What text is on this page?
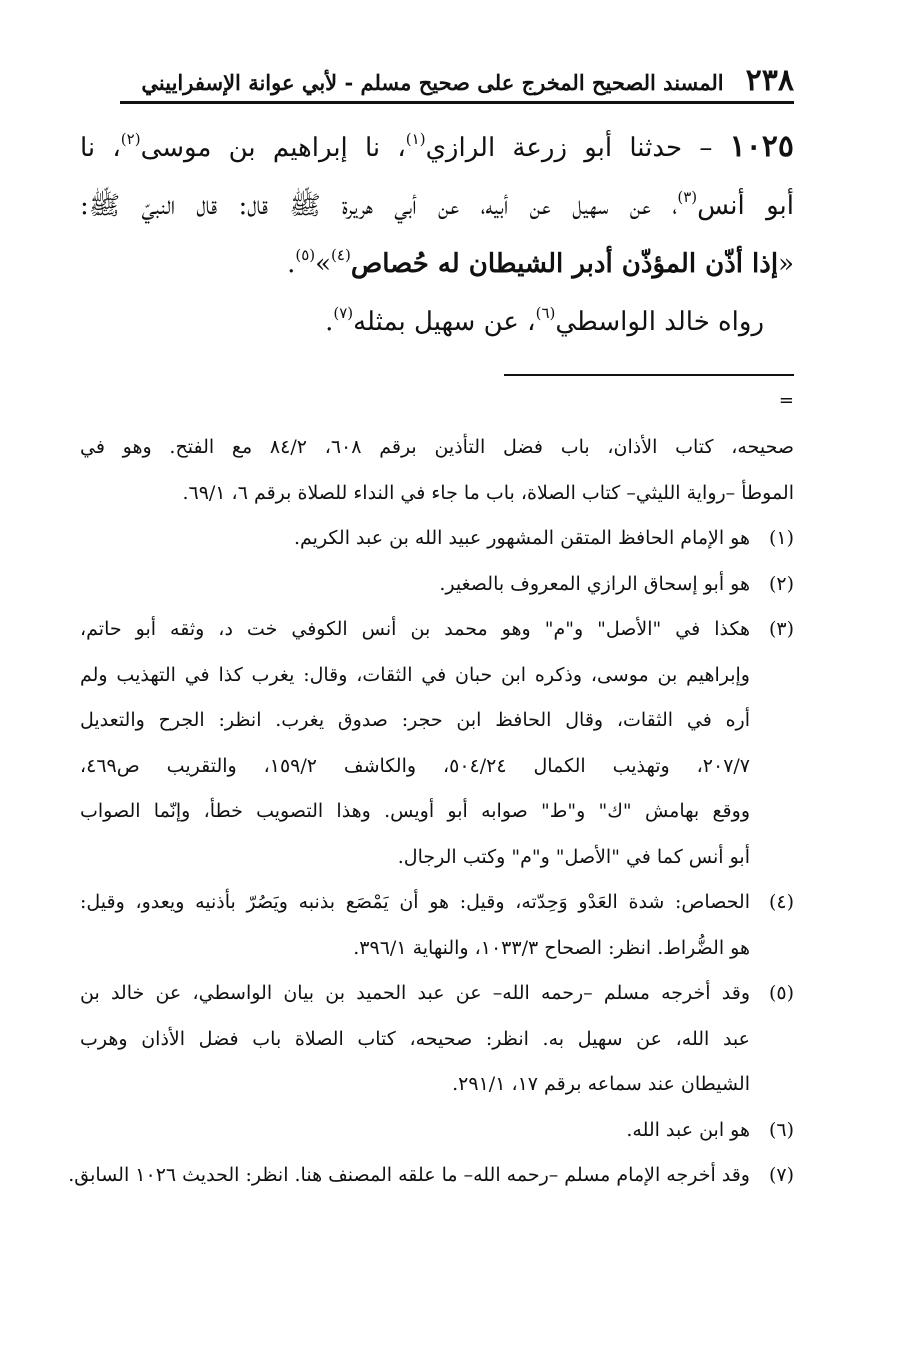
٢٣٨
المسند الصحيح المخرج على صحيح مسلم - لأبي عوانة الإسفراييني
١٠٢٥ – حدثنا أبو زرعة الرازي$^{(١)}$، نا إبراهيم بن موسى$^{(٢)}$، نا
أبو أنس$^{(٣)}$، عن سهيل عن أبيه، عن أبي هريرة ﷺ قال: قال النبيّ ﷺ:
«إذا أذّن المؤذّن أدبر الشيطان له حُصاص$^{(٤)}$»$^{(٥)}$.
رواه خالد الواسطي$^{(٦)}$، عن سهيل بمثله$^{(٧)}$.
=
صحيحه، كتاب الأذان، باب فضل التأذين برقم ٦٠٨، ٨٤/٢ مع الفتح. وهو في
الموطأ –رواية الليثي– كتاب الصلاة، باب ما جاء في النداء للصلاة برقم ٦، ٦٩/١.
(١)هو الإمام الحافظ المتقن المشهور عبيد الله بن عبد الكريم.
(٢)هو أبو إسحاق الرازي المعروف بالصغير.
(٣)هكذا في "الأصل" و"م" وهو محمد بن أنس الكوفي خت د، وثقه أبو حاتم،
وإبراهيم بن موسى، وذكره ابن حبان في الثقات، وقال: يغرب كذا في التهذيب ولم
أره في الثقات، وقال الحافظ ابن حجر: صدوق يغرب. انظر: الجرح والتعديل
٢٠٧/٧، وتهذيب الكمال ٥٠٤/٢٤، والكاشف ١٥٩/٢، والتقريب ص٤٦٩،
ووقع بهامش "ك" و"ط" صوابه أبو أويس. وهذا التصويب خطأ، وإنّما الصواب
أبو أنس كما في "الأصل" و"م" وكتب الرجال.
(٤)الحصاص: شدة العَدْو وَحِدّته، وقيل: هو أن يَمْصَع بذنبه ويَصُرّ بأذنيه ويعدو، وقيل:
هو الضُّراط. انظر: الصحاح ١٠٣٣/٣، والنهاية ٣٩٦/١.
(٥)وقد أخرجه مسلم –رحمه الله– عن عبد الحميد بن بيان الواسطي، عن خالد بن
عبد الله، عن سهيل به. انظر: صحيحه، كتاب الصلاة باب فضل الأذان وهرب
الشيطان عند سماعه برقم ١٧، ٢٩١/١.
(٦)هو ابن عبد الله.
(٧)وقد أخرجه الإمام مسلم –رحمه الله– ما علقه المصنف هنا. انظر: الحديث ١٠٢٦ السابق.
